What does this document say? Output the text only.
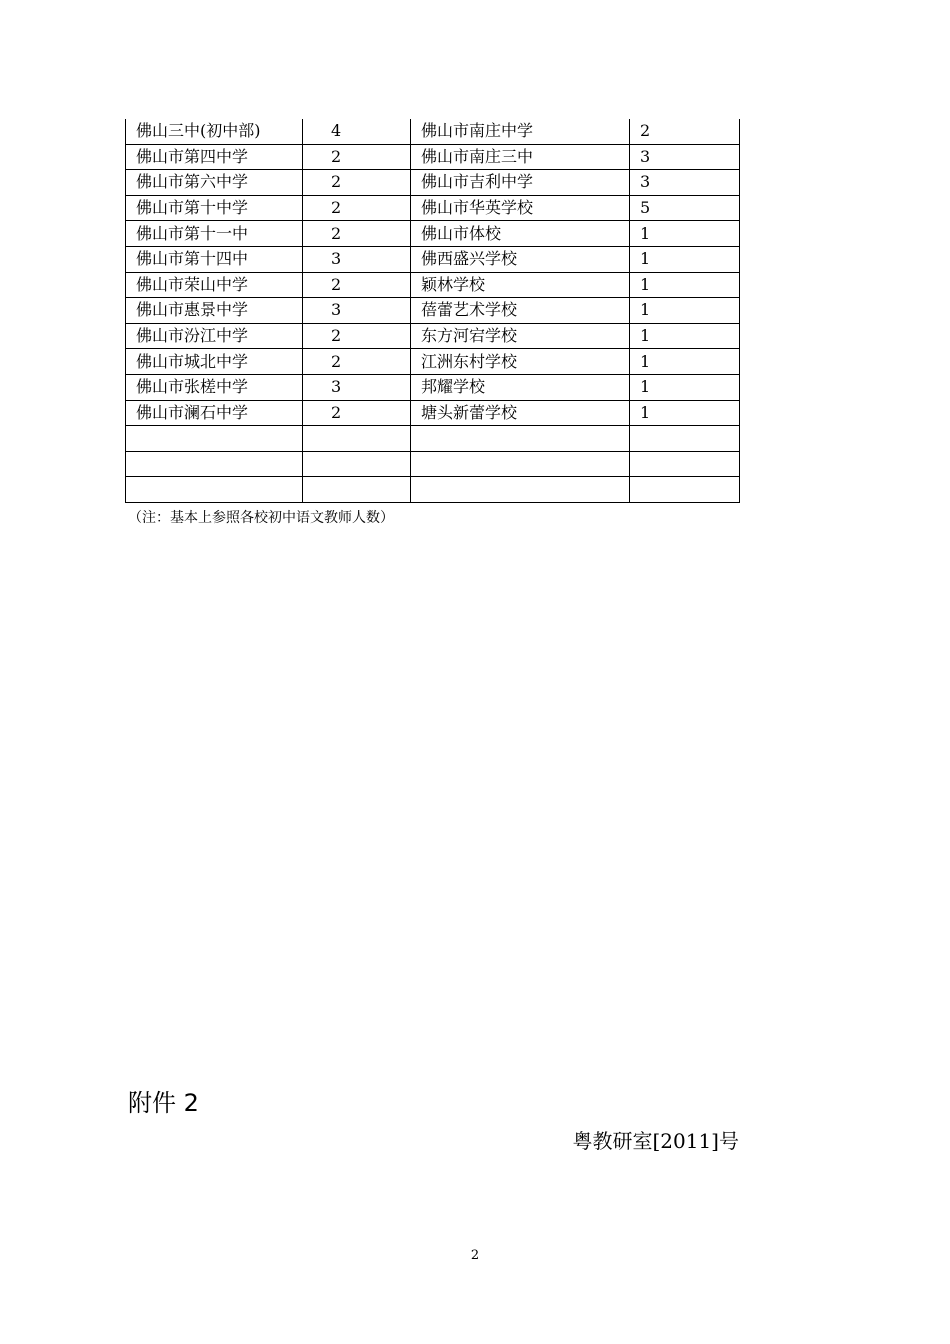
佛山三中(初中部)	4	佛山市南庄中学	2
佛山市第四中学	2	佛山市南庄三中	3
佛山市第六中学	2	佛山市吉利中学	3
佛山市第十中学	2	佛山市华英学校	5
佛山市第十一中	2	佛山市体校	1
佛山市第十四中	3	佛西盛兴学校	1
佛山市荣山中学	2	颖林学校	1
佛山市惠景中学	3	蓓蕾艺术学校	1
佛山市汾江中学	2	东方河宕学校	1
佛山市城北中学	2	江洲东村学校	1
佛山市张槎中学	3	邦耀学校	1
佛山市澜石中学	2	塘头新蕾学校	1

（注：基本上参照各校初中语文教师人数）
附件 2
粤教研室[2011]号
2
